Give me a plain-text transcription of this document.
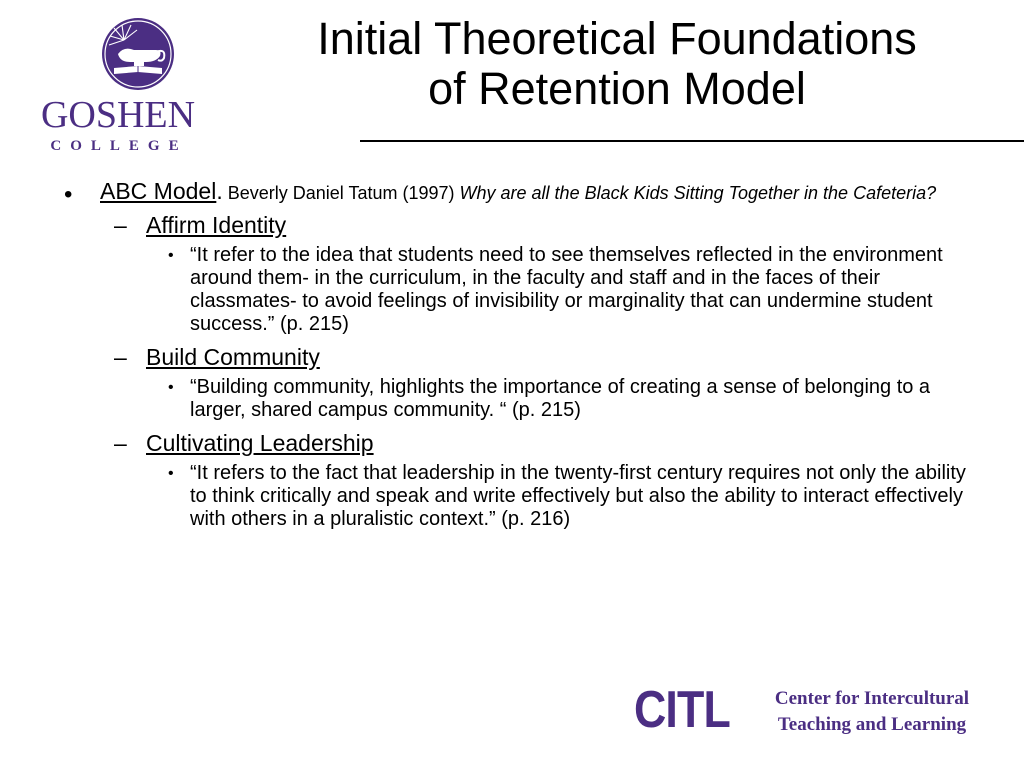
GOSHEN
COLLEGE
Initial Theoretical Foundations
of Retention Model
• ABC Model. Beverly Daniel Tatum (1997) Why are all the Black Kids Sitting Together in the Cafeteria?
– Affirm Identity
• “It refer to the idea that students need to see themselves reflected in the environment around them- in the curriculum, in the faculty and staff and in the faces of their classmates- to avoid feelings of invisibility or marginality that can undermine student success.” (p. 215)
– Build Community
• “Building community, highlights the importance of creating a sense of belonging to a larger, shared campus community. “ (p. 215)
– Cultivating Leadership
• “It refers to the fact that leadership in the twenty-first century requires not only the ability to think critically and speak and write effectively but also the ability to interact effectively with others in a pluralistic context.” (p. 216)
CITL	Center for Intercultural
Teaching and Learning
